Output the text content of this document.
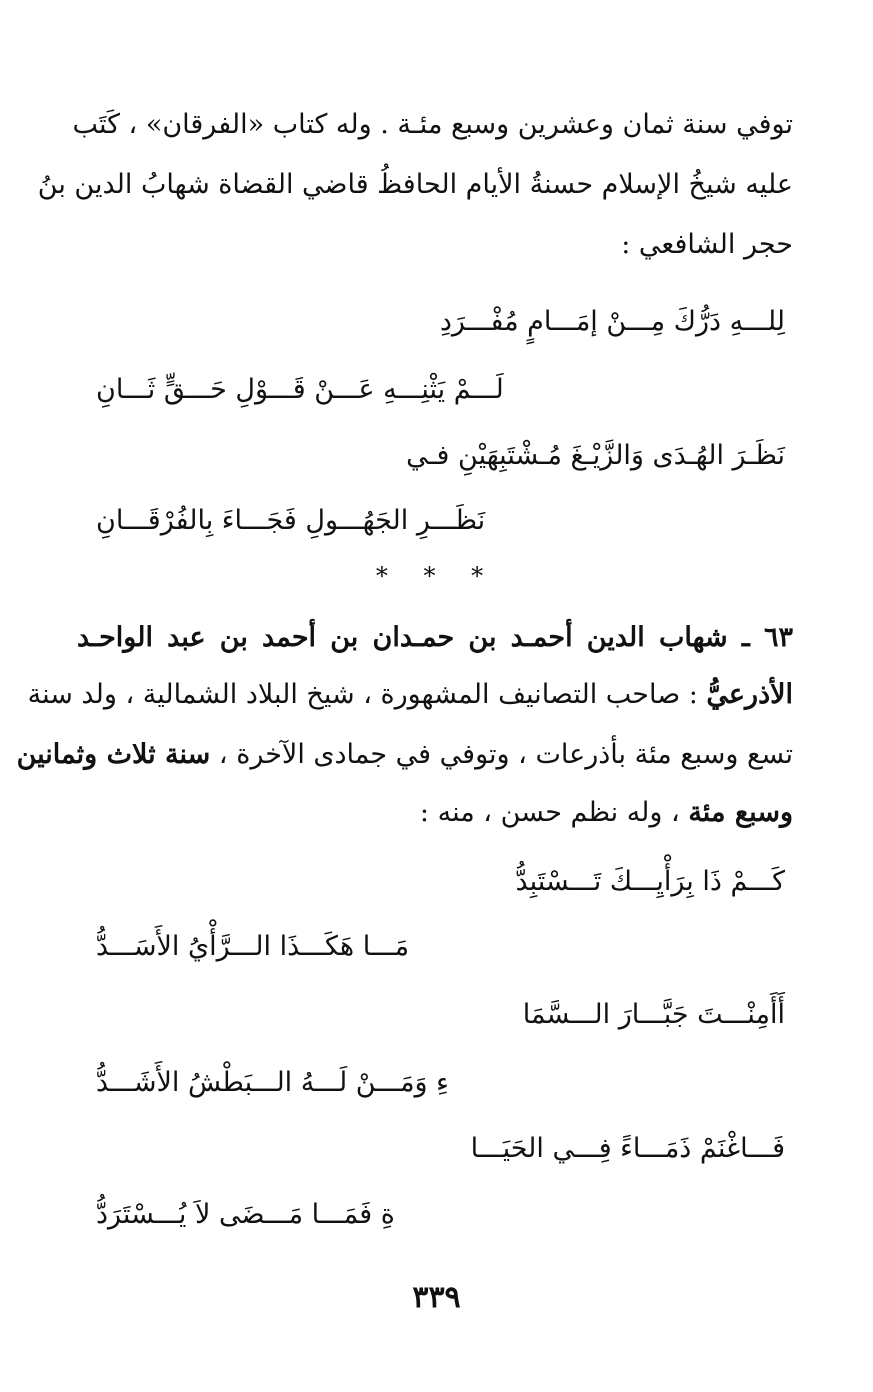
توفي سنة ثمان وعشرين وسبع مئـة . وله كتاب «الفرقان» ، كَتَب
عليه شيخُ الإسلام حسنةُ الأيام الحافظُ قاضي القضاة شهابُ الدين بنُ
حجر الشافعي :
لِلـــهِ دَرُّكَ مِـــنْ إمَـــامٍ مُفْـــرَدِ
لَـــمْ يَثْنِـــهِ عَـــنْ قَـــوْلِ حَـــقٍّ ثَـــانِ
نَظَـرَ الهُـدَى وَالزَّيْـغَ مُـشْتَبِهَيْنِ فـي
نَظَـــرِ الجَهُـــولِ فَجَـــاءَ بِالفُرْقَـــانِ
* * *
٦٣ ـ شهاب الدين أحمـد بن حمـدان بن أحمد بن عبد الواحـد
الأذرعيُّ : صاحب التصانيف المشهورة ، شيخ البلاد الشمالية ، ولد سنة
تسع وسبع مئة بأذرعات ، وتوفي في جمادى الآخرة ، سنة ثلاث وثمانين
وسبع مئة ، وله نظم حسن ، منه :
كَـــمْ ذَا بِرَأْيِـــكَ تَـــسْتَبِدُّ
مَـــا هَكَـــذَا الـــرَّأْيُ الأَسَـــدُّ
أَأَمِنْـــتَ جَبَّـــارَ الـــسَّمَا
ءِ وَمَـــنْ لَـــهُ الـــبَطْشُ الأَشَـــدُّ
فَـــاغْنَمْ ذَمَـــاءً فِـــي الحَيَـــا
ةِ فَمَـــا مَـــضَى لاَ يُـــسْتَرَدُّ
٣٣٩
